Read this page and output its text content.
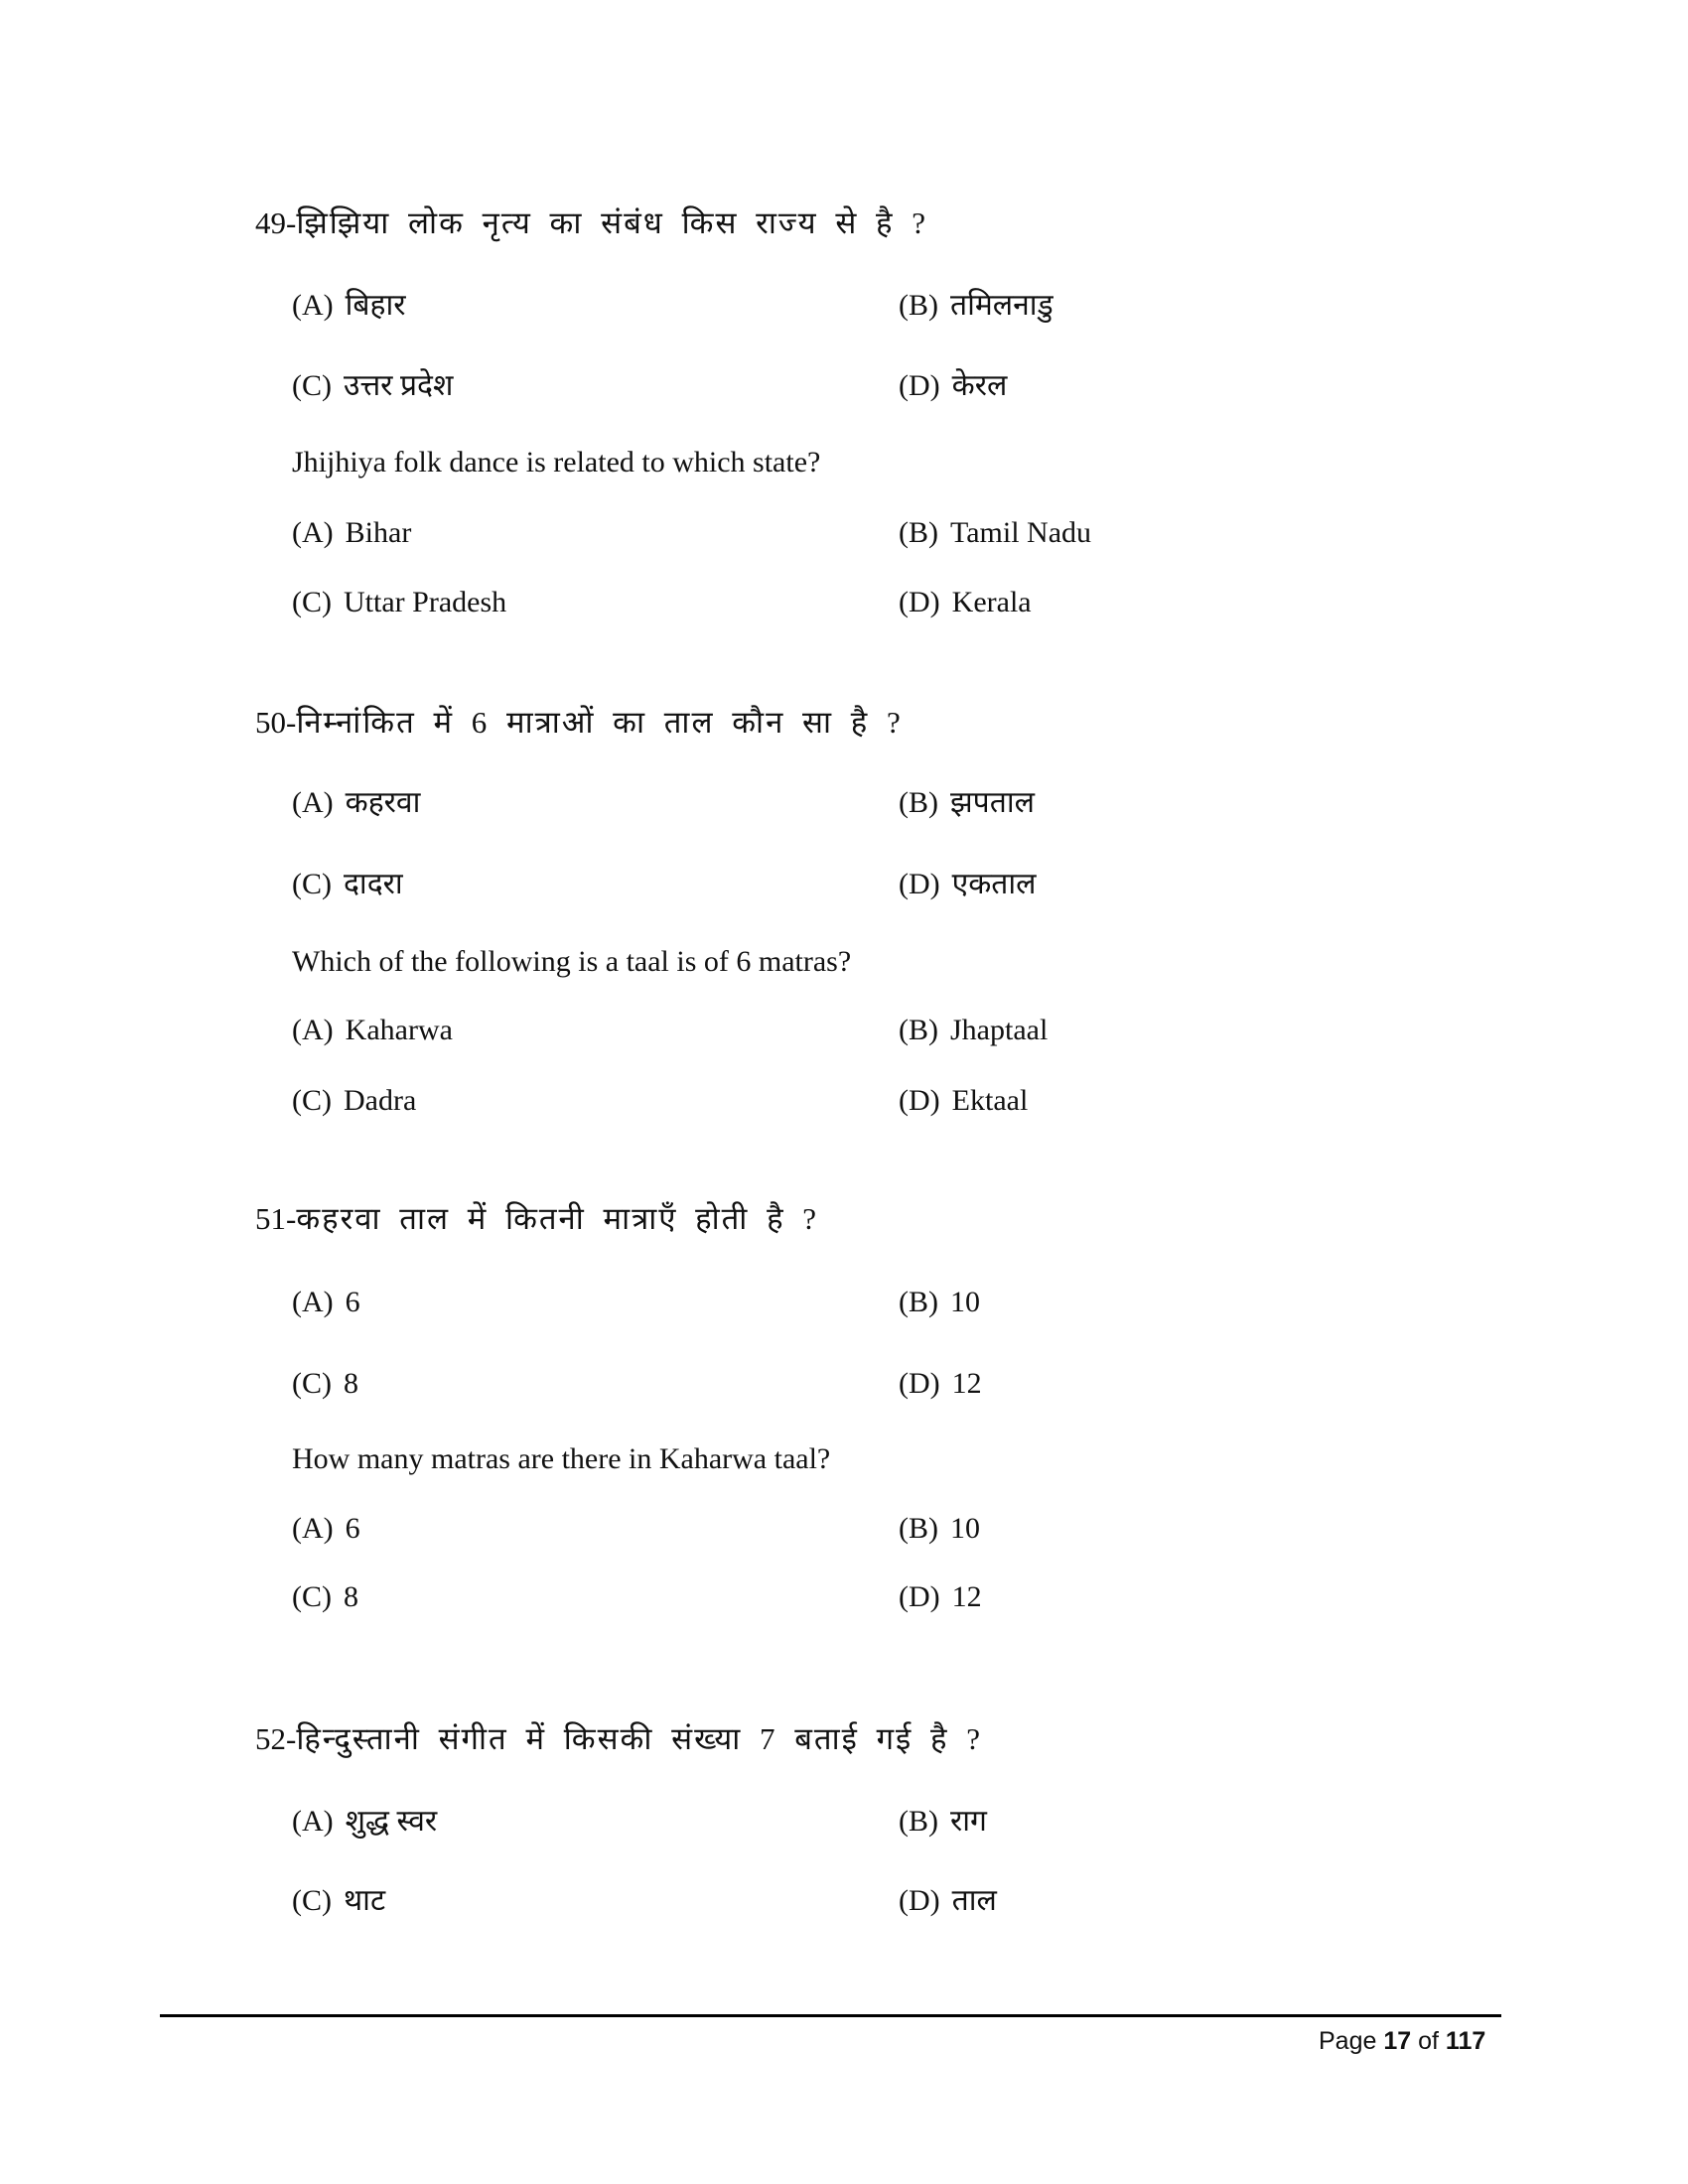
49-झिझिया लोक नृत्य का संबंध किस राज्य से है ?
(A) बिहार	(B) तमिलनाडु
(C) उत्तर प्रदेश	(D) केरल
Jhijhiya folk dance is related to which state?
(A) Bihar	(B) Tamil Nadu
(C) Uttar Pradesh	(D) Kerala
50-निम्नांकित में 6 मात्राओं का ताल कौन सा है ?
(A) कहरवा	(B) झपताल
(C) दादरा	(D) एकताल
Which of the following is a taal is of 6 matras?
(A) Kaharwa	(B) Jhaptaal
(C) Dadra	(D) Ektaal
51-कहरवा ताल में कितनी मात्राएँ होती है ?
(A) 6	(B) 10
(C) 8	(D) 12
How many matras are there in Kaharwa taal?
(A) 6	(B) 10
(C) 8	(D) 12
52-हिन्दुस्तानी संगीत में किसकी संख्या 7 बताई गई है ?
(A) शुद्ध स्वर	(B) राग
(C) थाट	(D) ताल
Page 17 of 117
